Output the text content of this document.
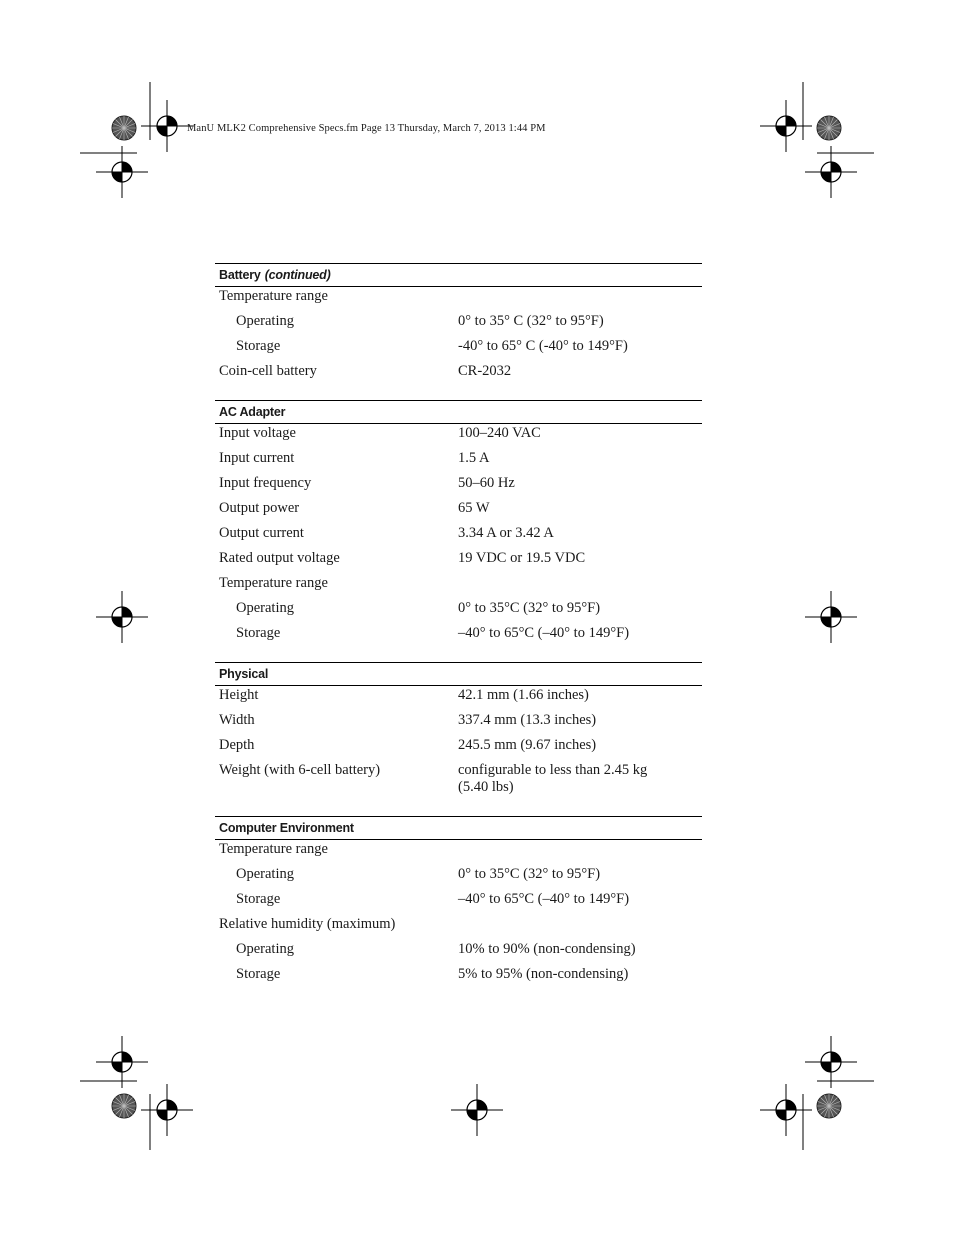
ManU MLK2 Comprehensive Specs.fm Page 13 Thursday, March 7, 2013 1:44 PM
Battery (continued)
Temperature range
Operating	0° to 35° C (32° to 95°F)
Storage	-40° to 65° C (-40° to 149°F)
Coin-cell battery	CR-2032
AC Adapter
Input voltage	100–240 VAC
Input current	1.5 A
Input frequency	50–60 Hz
Output power	65 W
Output current	3.34 A or 3.42 A
Rated output voltage	19 VDC or 19.5 VDC
Temperature range
Operating	0° to 35°C (32° to 95°F)
Storage	–40° to 65°C (–40° to 149°F)
Physical
Height	42.1 mm (1.66 inches)
Width	337.4 mm (13.3 inches)
Depth	245.5 mm (9.67 inches)
Weight (with 6-cell battery)	configurable to less than 2.45 kg
(5.40 lbs)
Computer Environment
Temperature range
Operating	0° to 35°C (32° to 95°F)
Storage	–40° to 65°C (–40° to 149°F)
Relative humidity (maximum)
Operating	10% to 90% (non-condensing)
Storage	5% to 95% (non-condensing)
